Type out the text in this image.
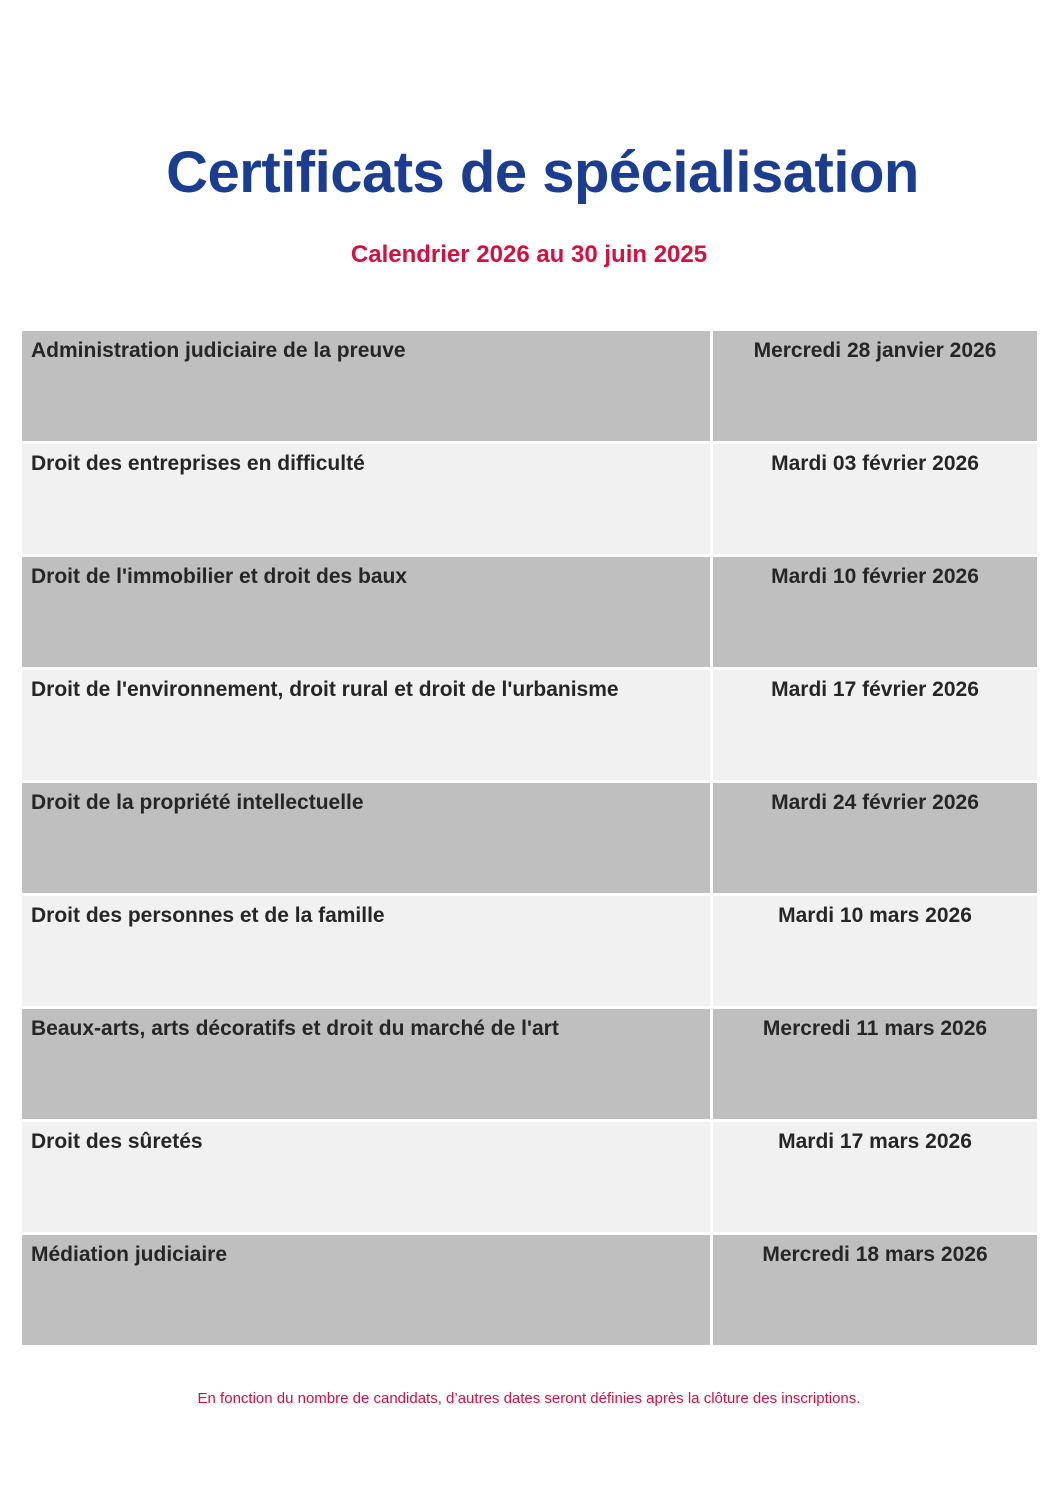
Certificats de spécialisation
Calendrier 2026 au 30 juin 2025
Administration judiciaire de la preuve	Mercredi 28 janvier 2026
Droit des entreprises en difficulté	Mardi 03 février 2026
Droit de l'immobilier et droit des baux	Mardi 10 février 2026
Droit de l'environnement, droit rural et droit de l'urbanisme	Mardi 17 février 2026
Droit de la propriété intellectuelle	Mardi 24 février 2026
Droit des personnes et de la famille	Mardi 10 mars 2026
Beaux-arts, arts décoratifs et droit du marché de l'art	Mercredi 11 mars 2026
Droit des sûretés	Mardi 17 mars 2026
Médiation judiciaire	Mercredi 18 mars 2026

En fonction du nombre de candidats, d’autres dates seront définies après la clôture des inscriptions.
